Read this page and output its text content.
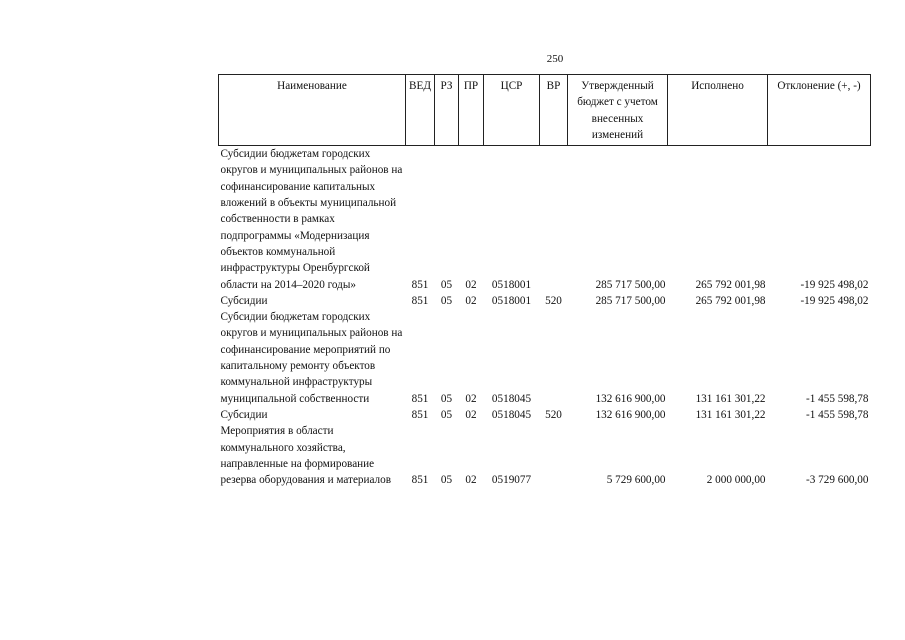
250
Наименование	ВЕД	РЗ	ПР	ЦСР	ВР	Утвержденный бюджет с учетом внесенных изменений	Исполнено	Отклонение (+, -)
Субсидии бюджетам городских округов и муниципальных районов на софинансирование капитальных вложений в объекты муниципальной собственности в рамках подпрограммы «Модернизация объектов коммунальной инфраструктуры Оренбургской области на 2014–2020 годы»	851	05	02	0518001		285 717 500,00	265 792 001,98	-19 925 498,02
Субсидии	851	05	02	0518001	520	285 717 500,00	265 792 001,98	-19 925 498,02
Субсидии бюджетам городских округов и муниципальных районов на софинансирование мероприятий по капитальному ремонту объектов коммунальной инфраструктуры муниципальной собственности	851	05	02	0518045		132 616 900,00	131 161 301,22	-1 455 598,78
Субсидии	851	05	02	0518045	520	132 616 900,00	131 161 301,22	-1 455 598,78
Мероприятия в области коммунального хозяйства, направленные на формирование резерва оборудования и материалов	851	05	02	0519077		5 729 600,00	2 000 000,00	-3 729 600,00
